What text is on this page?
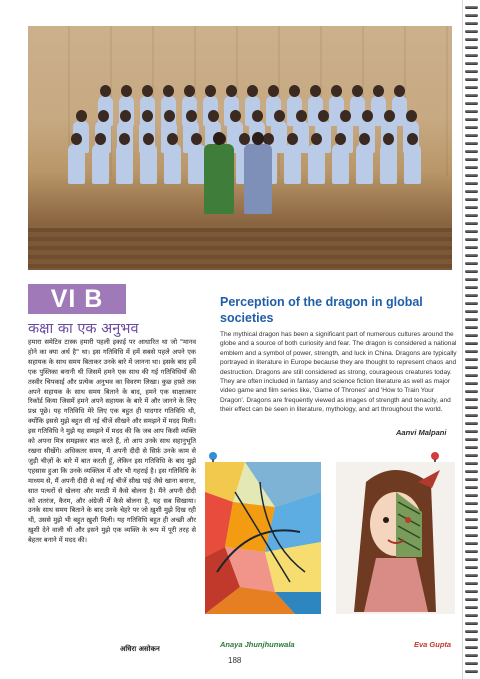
VI B
कक्षा का एक अनुभव
हमारा समेटिव टास्क हमारी पहली इकाई पर आधारित था जो "मानव होने का क्या अर्थ है" था। इस गतिविधि में हमें सबसे पहले अपने एक सहायक के साथ समय बिताकर उनके बारे में जानना था। इसके बाद हमें एक पुस्तिका बनानी थी जिसमें हमने एक साथ की गई गतिविधियों की तस्वीर चिपकाई और प्रत्येक अनुभव का विवरण लिखा। कुछ हफ़्ते तक अपने सहायक के साथ समय बिताने के बाद, हमने एक साक्षात्कार रिकॉर्ड किया जिसमें हमने अपने सहायक के बारे में और जानने के लिए प्रश्न पूछे। यह गतिविधि मेरे लिए एक बहुत ही यादगार गतिविधि थी, क्योंकि इससे मुझे बहुत सी नई चीजें सीखने और समझने में मदद मिली। इस गतिविधि ने मुझे यह समझने में मदद की कि जब आप किसी व्यक्ति को अपना मित्र समझकर बात करते हैं, तो आप उनके साथ सहानुभूति रखना सीखेंगे। अधिकतर समय, मैं अपनी दीदी से सिर्फ़ उनके काम से जुड़ी चीज़ों के बारे में बात करती हूँ, लेकिन इस गतिविधि के बाद मुझे एहसास हुआ कि उनके व्यक्तित्व में और भी गहराई है। इस गतिविधि के माध्यम से, मैं अपनी दीदी से कई नई चीजें सीख पाई जैसे खाना बनाना, सात पत्थरों से खेलना और मराठी में कैसे बोलना है। मैंने अपनी दीदी को शतरंज, कैरम, और अंग्रेजी में कैसे बोलना है, यह सब सिखाया। उनके साथ समय बिताने के बाद उनके चेहरे पर जो ख़ुशी मुझे दिख रही थी, उससे मुझे भी बहुत ख़ुशी मिली। यह गतिविधि बहुत ही अच्छी और ख़ुशी देने वाली थी और इसने मुझे एक व्यक्ति के रूप में पूरी तरह से बेहतर बनाने में मदद की।
अधिरा असोकन
Perception of the dragon in global societies
The mythical dragon has been a significant part of numerous cultures around the globe and a source of both curiosity and fear. The dragon is considered a national emblem and a symbol of power, strength, and luck in China. Dragons are typically portrayed in literature in Europe because they are thought to represent chaos and destruction. Dragons are still considered as strong, courageous creatures today. They are often included in fantasy and science fiction literature as well as major video game and film series like, 'Game of Thrones' and 'How to Train Your Dragon'. Dragons are frequently viewed as images of strength and tenacity, and their effect can be seen in literature, mythology, and art throughout the world.
Aanvi Malpani
Anaya Jhunjhunwala	Eva Gupta
188
